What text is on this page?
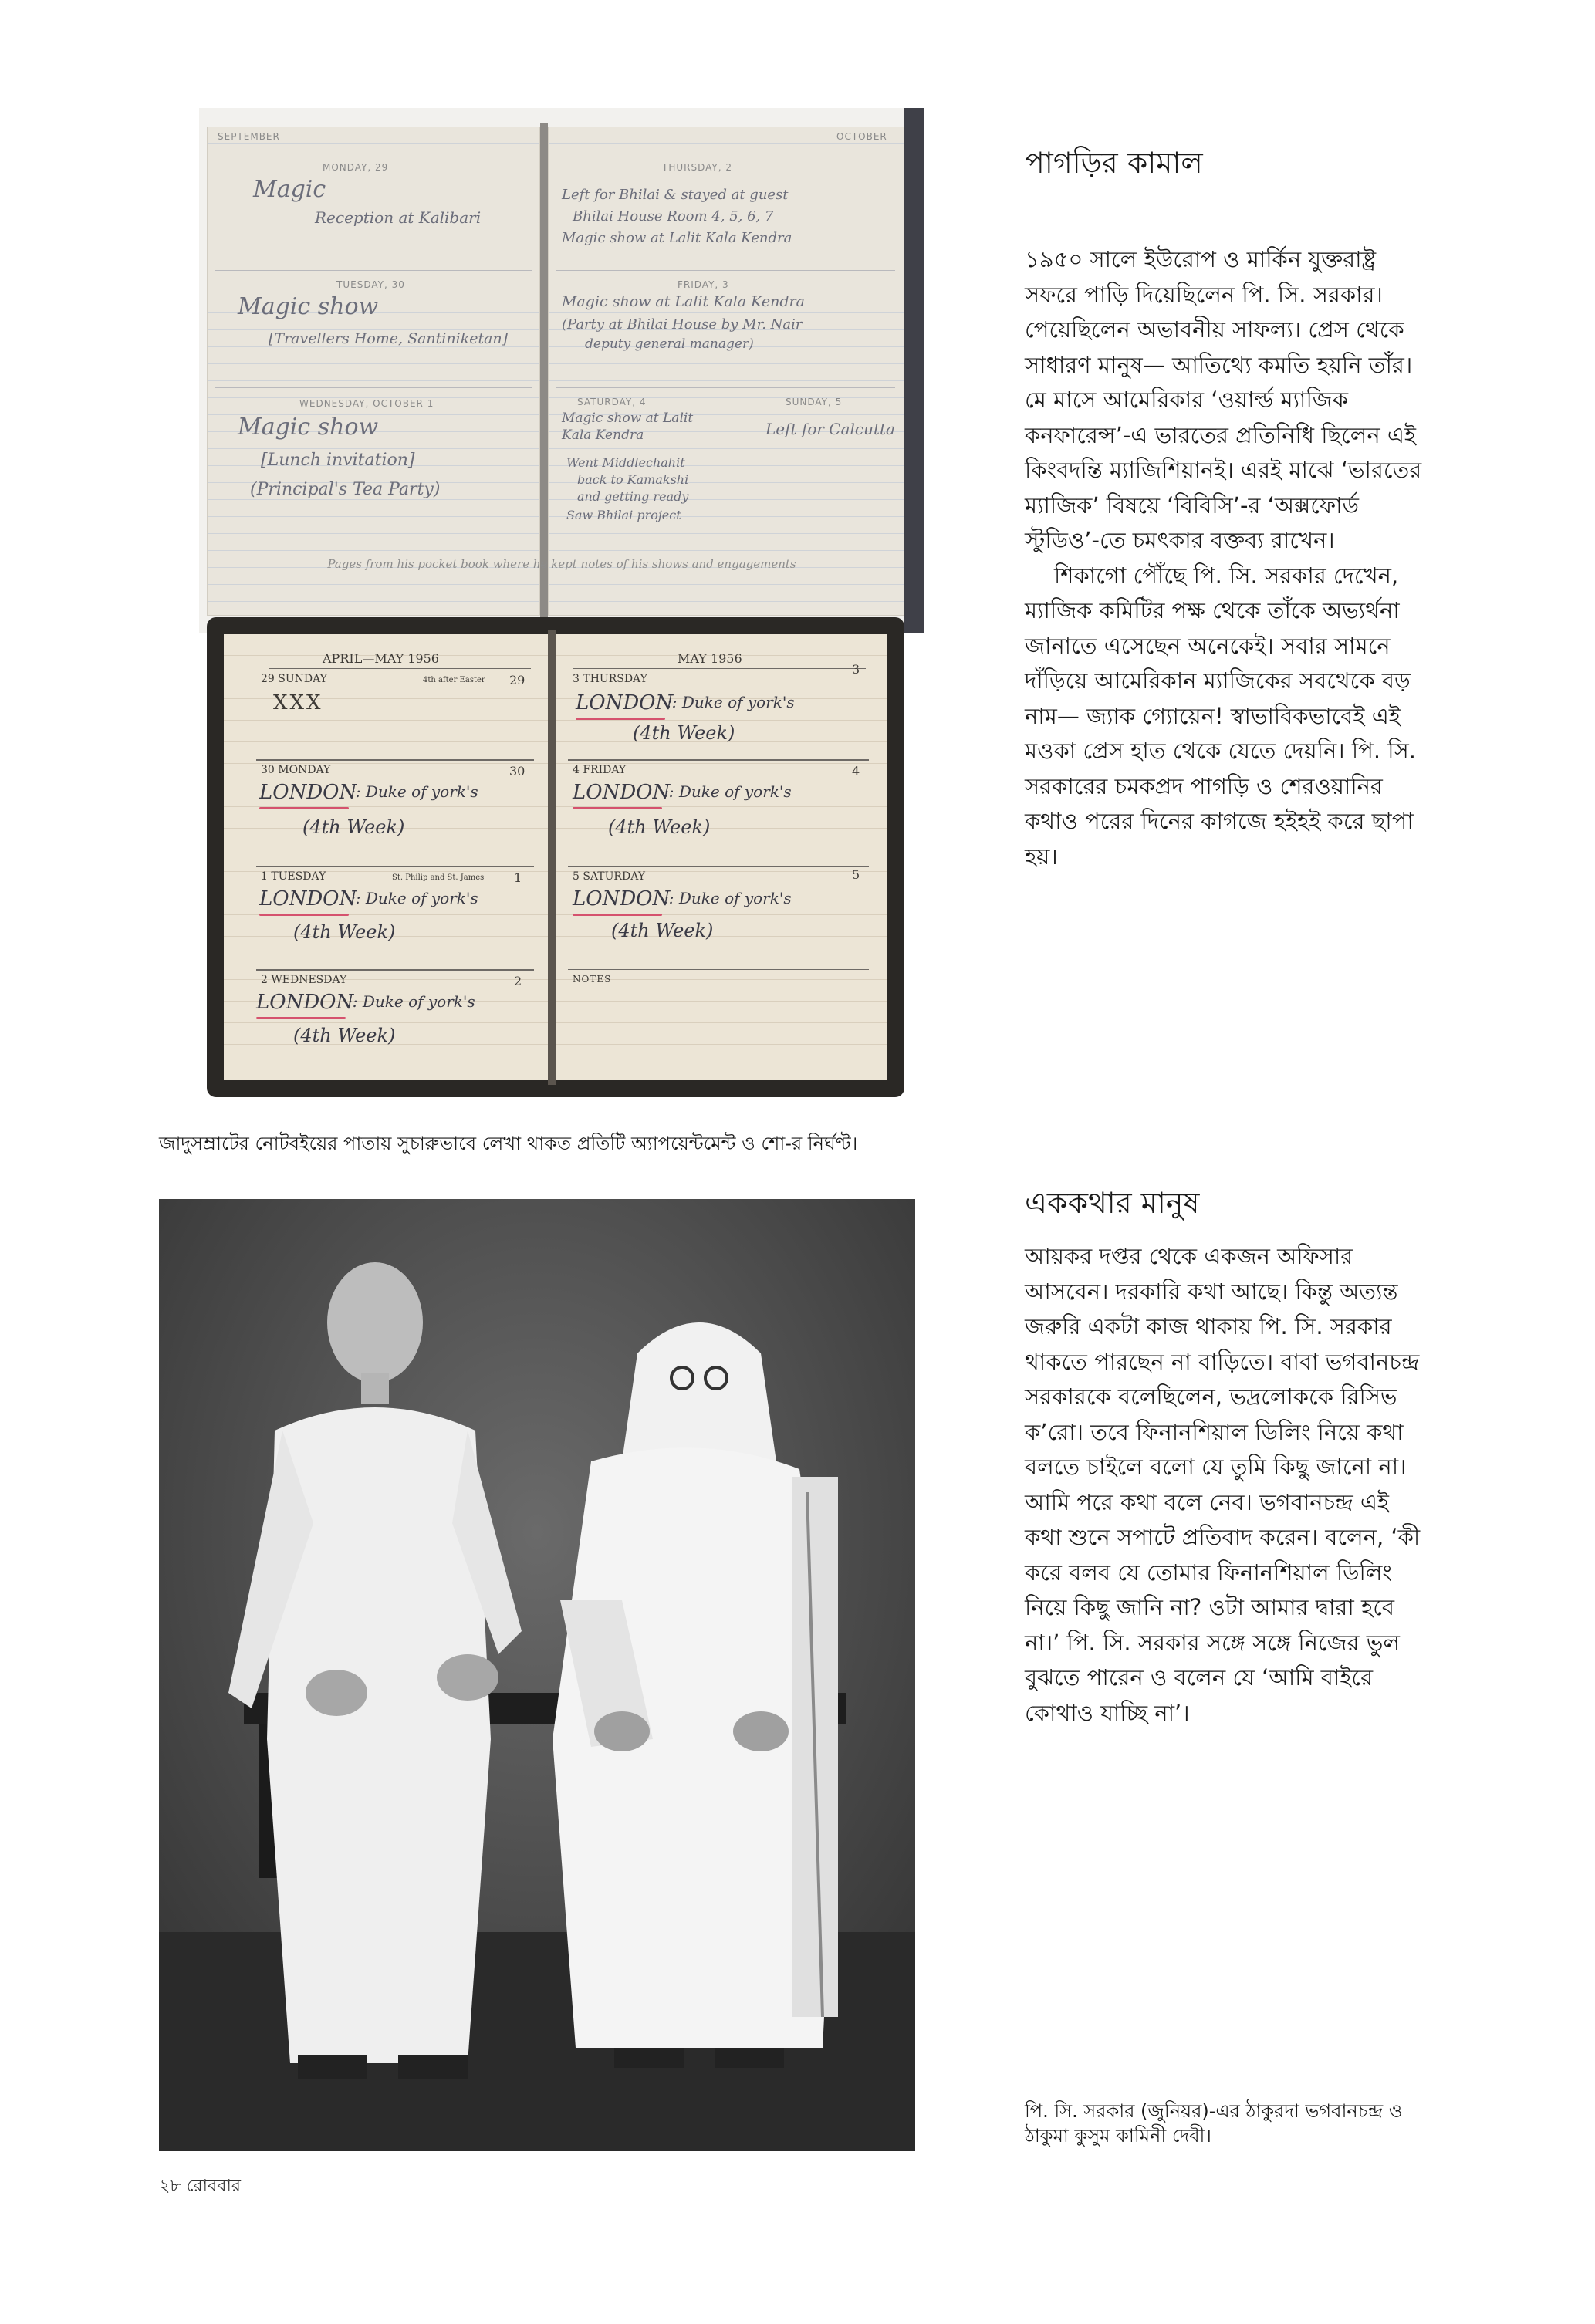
SEPTEMBER	OCTOBER
MONDAY, 29
Magic
Reception at Kalibari
TUESDAY, 30
Magic show
[Travellers Home, Santiniketan]
WEDNESDAY, OCTOBER 1
Magic show
[Lunch invitation]
(Principal's Tea Party)
THURSDAY, 2
Left for Bhilai & stayed at guest
Bhilai House Room 4, 5, 6, 7
Magic show at Lalit Kala Kendra
FRIDAY, 3
Magic show at Lalit Kala Kendra
(Party at Bhilai House by Mr. Nair
deputy general manager)
SATURDAY, 4	SUNDAY, 5
Magic show at Lalit
Kala Kendra
Went Middlechahit
back to Kamakshi
and getting ready
Saw Bhilai project
Left for Calcutta
Pages from his pocket book where he kept notes of his shows and engagements
APRIL—MAY 1956
29 SUNDAY	4th after Easter 29
XXX
30 MONDAY	30
LONDON
:: Duke of york's
(4th Week)
1 TUESDAY	St. Philip and St. James 1
LONDON
:: Duke of york's
(4th Week)
2 WEDNESDAY	2
LONDON
:: Duke of york's
(4th Week)
MAY 1956
3 THURSDAY
3
LONDON
:: Duke of york's
(4th Week)
4 FRIDAY	4
LONDON
:: Duke of york's
(4th Week)
5 SATURDAY	5
LONDON
:: Duke of york's
(4th Week)
NOTES
জাদুসম্রাটের নোটবইয়ের পাতায় সুচারুভাবে লেখা থাকত প্রতিটি অ্যাপয়েন্টমেন্ট ও শো-র নির্ঘণ্ট।
পাগড়ির কামাল

১৯৫০ সালে ইউরোপ ও মার্কিন যুক্তরাষ্ট্র সফরে পাড়ি দিয়েছিলেন পি. সি. সরকার। পেয়েছিলেন অভাবনীয় সাফল্য। প্রেস থেকে সাধারণ মানুষ— আতিথ্যে কমতি হয়নি তাঁর। মে মাসে আমেরিকার ‘ওয়ার্ল্ড ম্যাজিক কনফারেন্স’-এ ভারতের প্রতিনিধি ছিলেন এই কিংবদন্তি ম্যাজিশিয়ানই। এরই মাঝে ‘ভারতের ম্যাজিক’ বিষয়ে ‘বিবিসি’-র ‘অক্সফোর্ড স্টুডিও’-তে চমৎকার বক্তব্য রাখেন।

শিকাগো পৌঁছে পি. সি. সরকার দেখেন, ম্যাজিক কমিটির পক্ষ থেকে তাঁকে অভ্যর্থনা জানাতে এসেছেন অনেকেই। সবার সামনে দাঁড়িয়ে আমেরিকান ম্যাজিকের সবথেকে বড় নাম— জ্যাক গ্যোয়েন! স্বাভাবিকভাবেই এই মওকা প্রেস হাত থেকে যেতে দেয়নি। পি. সি. সরকারের চমকপ্রদ পাগড়ি ও শেরওয়ানির কথাও পরের দিনের কাগজে হইহই করে ছাপা হয়।

এককথার মানুষ

আয়কর দপ্তর থেকে একজন অফিসার আসবেন। দরকারি কথা আছে। কিন্তু অত্যন্ত জরুরি একটা কাজ থাকায় পি. সি. সরকার থাকতে পারছেন না বাড়িতে। বাবা ভগবানচন্দ্র সরকারকে বলেছিলেন, ভদ্রলোককে রিসিভ ক’রো। তবে ফিনানশিয়াল ডিলিং নিয়ে কথা বলতে চাইলে বলো যে তুমি কিছু জানো না। আমি পরে কথা বলে নেব। ভগবানচন্দ্র এই কথা শুনে সপাটে প্রতিবাদ করেন। বলেন, ‘কী করে বলব যে তোমার ফিনানশিয়াল ডিলিং নিয়ে কিছু জানি না? ওটা আমার দ্বারা হবে না।’ পি. সি. সরকার সঙ্গে সঙ্গে নিজের ভুল বুঝতে পারেন ও বলেন যে ‘আমি বাইরে কোথাও যাচ্ছি না’।

পি. সি. সরকার (জুনিয়র)-এর ঠাকুরদা ভগবানচন্দ্র ও ঠাকুমা কুসুম কামিনী দেবী।
২৮ রোববার
